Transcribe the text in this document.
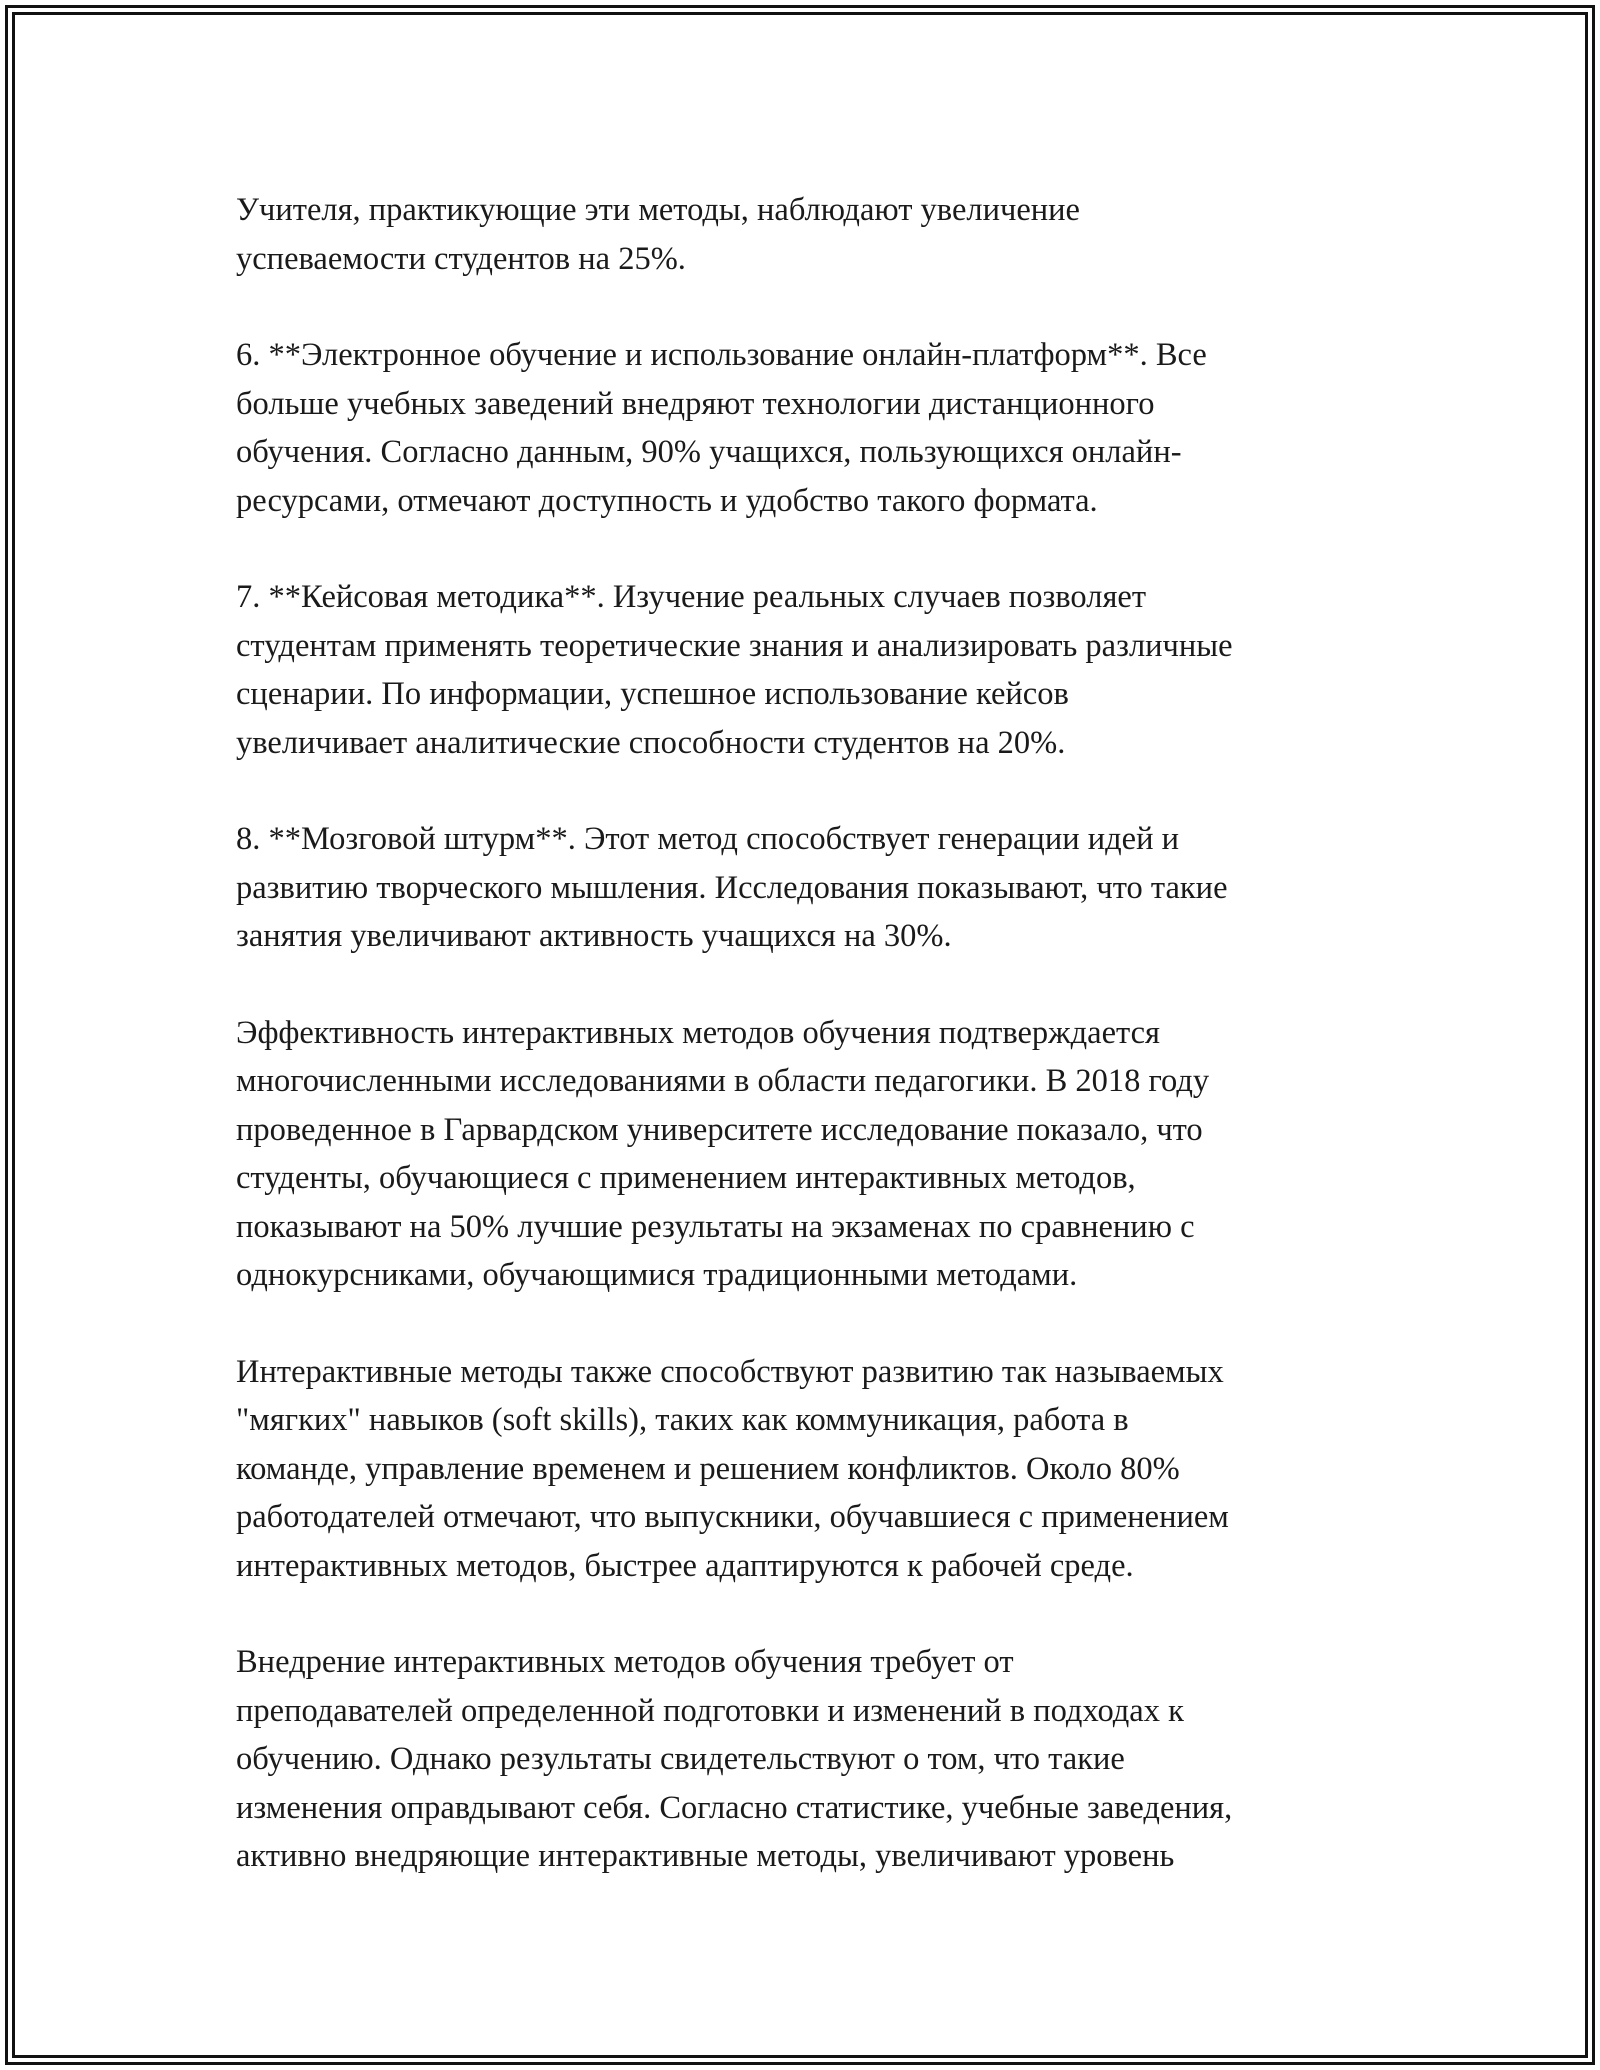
Учителя, практикующие эти методы, наблюдают увеличение
успеваемости студентов на 25%.

6. **Электронное обучение и использование онлайн-платформ**. Все
больше учебных заведений внедряют технологии дистанционного
обучения. Согласно данным, 90% учащихся, пользующихся онлайн-
ресурсами, отмечают доступность и удобство такого формата.

7. **Кейсовая методика**. Изучение реальных случаев позволяет
студентам применять теоретические знания и анализировать различные
сценарии. По информации, успешное использование кейсов
увеличивает аналитические способности студентов на 20%.

8. **Мозговой штурм**. Этот метод способствует генерации идей и
развитию творческого мышления. Исследования показывают, что такие
занятия увеличивают активность учащихся на 30%.

Эффективность интерактивных методов обучения подтверждается
многочисленными исследованиями в области педагогики. В 2018 году
проведенное в Гарвардском университете исследование показало, что
студенты, обучающиеся с применением интерактивных методов,
показывают на 50% лучшие результаты на экзаменах по сравнению с
однокурсниками, обучающимися традиционными методами.

Интерактивные методы также способствуют развитию так называемых
"мягких" навыков (soft skills), таких как коммуникация, работа в
команде, управление временем и решением конфликтов. Около 80%
работодателей отмечают, что выпускники, обучавшиеся с применением
интерактивных методов, быстрее адаптируются к рабочей среде.

Внедрение интерактивных методов обучения требует от
преподавателей определенной подготовки и изменений в подходах к
обучению. Однако результаты свидетельствуют о том, что такие
изменения оправдывают себя. Согласно статистике, учебные заведения,
активно внедряющие интерактивные методы, увеличивают уровень
